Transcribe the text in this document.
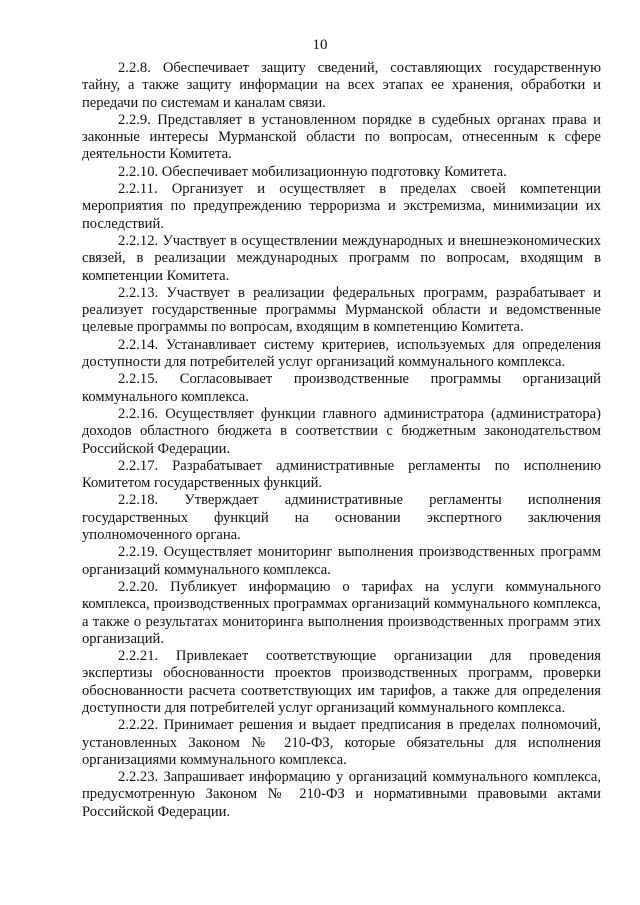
10

2.2.8. Обеспечивает защиту сведений, составляющих государственную тайну, а также защиту информации на всех этапах ее хранения, обработки и передачи по системам и каналам связи.

2.2.9. Представляет в установленном порядке в судебных органах права и законные интересы Мурманской области по вопросам, отнесенным к сфере деятельности Комитета.

2.2.10. Обеспечивает мобилизационную подготовку Комитета.

2.2.11. Организует и осуществляет в пределах своей компетенции мероприятия по предупреждению терроризма и экстремизма, минимизации их последствий.

2.2.12. Участвует в осуществлении международных и внешнеэкономических связей, в реализации международных программ по вопросам, входящим в компетенции Комитета.

2.2.13. Участвует в реализации федеральных программ, разрабатывает и реализует государственные программы Мурманской области и ведомственные целевые программы по вопросам, входящим в компетенцию Комитета.

2.2.14. Устанавливает систему критериев, используемых для определения доступности для потребителей услуг организаций коммунального комплекса.

2.2.15. Согласовывает производственные программы организаций коммунального комплекса.

2.2.16. Осуществляет функции главного администратора (администратора) доходов областного бюджета в соответствии с бюджетным законодательством Российской Федерации.

2.2.17. Разрабатывает административные регламенты по исполнению Комитетом государственных функций.

2.2.18. Утверждает административные регламенты исполнения государственных функций на основании экспертного заключения уполномоченного органа.

2.2.19. Осуществляет мониторинг выполнения производственных программ организаций коммунального комплекса.

2.2.20. Публикует информацию о тарифах на услуги коммунального комплекса, производственных программах организаций коммунального комплекса, а также о результатах мониторинга выполнения производственных программ этих организаций.

2.2.21. Привлекает соответствующие организации для проведения экспертизы обоснованности проектов производственных программ, проверки обоснованности расчета соответствующих им тарифов, а также для определения доступности для потребителей услуг организаций коммунального комплекса.

2.2.22. Принимает решения и выдает предписания в пределах полномочий, установленных Законом № 210-ФЗ, которые обязательны для исполнения организациями коммунального комплекса.

2.2.23. Запрашивает информацию у организаций коммунального комплекса, предусмотренную Законом № 210-ФЗ и нормативными правовыми актами Российской Федерации.
